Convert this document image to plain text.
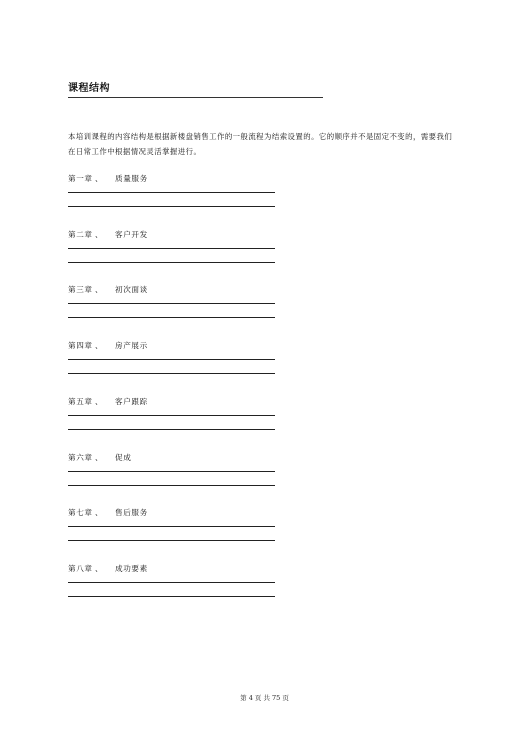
课程结构
本培训课程的内容结构是根据新楼盘销售工作的一般流程为结索设置的。它的顺序并不是固定不变的，需要我们在日常工作中根据情况灵活掌握进行。
第一章 、 质量服务
第二章 、 客户开发
第三章 、 初次面谈
第四章 、 房产展示
第五章 、 客户跟踪
第六章 、 促成
第七章 、 售后服务
第八章 、 成功要素
第 4 页 共 75 页
